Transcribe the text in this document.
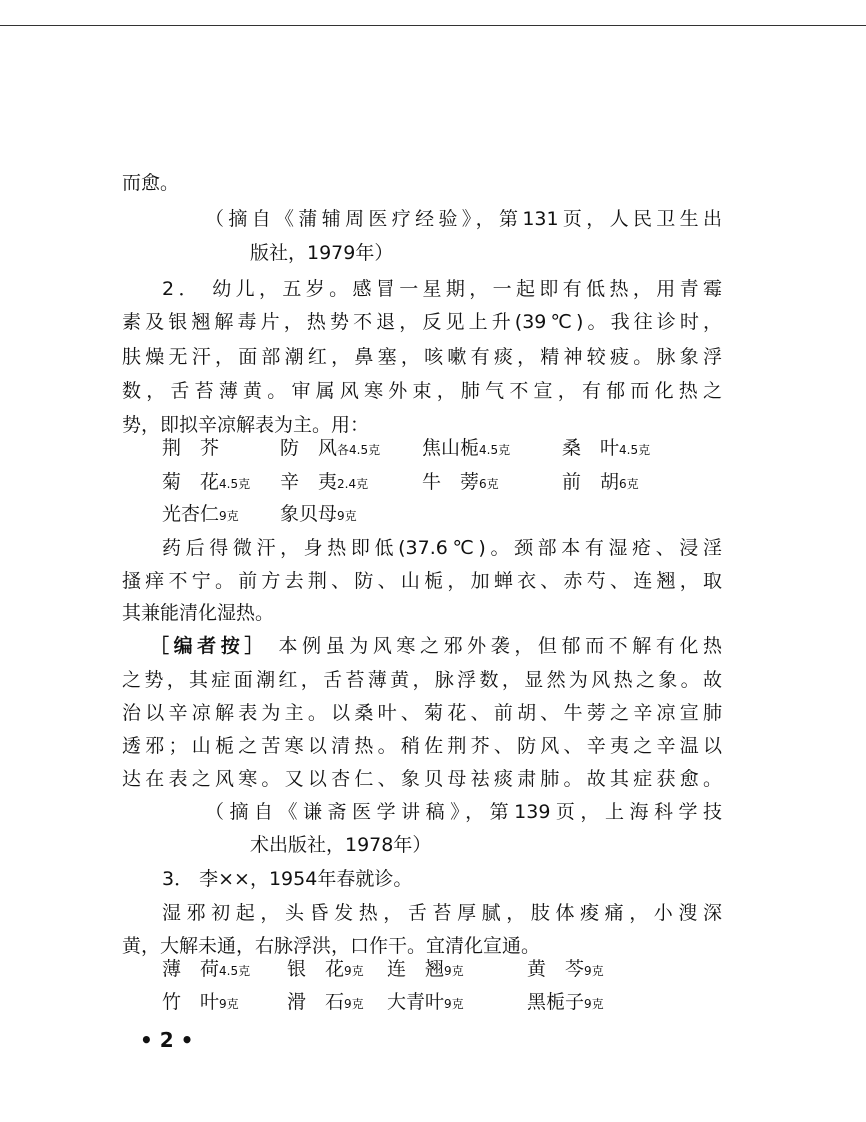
而愈。
（摘自《蒲辅周医疗经验》，第131页，人民卫生出
版社，1979年）
2． 幼儿，五岁。感冒一星期，一起即有低热，用青霉
素及银翘解毒片，热势不退，反见上升(39℃)。我往诊时，
肤燥无汗，面部潮红，鼻塞，咳嗽有痰，精神较疲。脉象浮
数，舌苔薄黄。审属风寒外束，肺气不宣，有郁而化热之
势，即拟辛凉解表为主。用：
荆　芥	防　风各4.5克	焦山栀4.5克	桑　叶4.5克
菊　花4.5克	辛　夷2.4克	牛　蒡6克	前　胡6克
光杏仁9克	象贝母9克
药后得微汗，身热即低(37.6℃)。颈部本有湿疮、浸淫
搔痒不宁。前方去荆、防、山栀，加蝉衣、赤芍、连翘，取
其兼能清化湿热。
［编者按］ 本例虽为风寒之邪外袭，但郁而不解有化热
之势，其症面潮红，舌苔薄黄，脉浮数，显然为风热之象。故
治以辛凉解表为主。以桑叶、菊花、前胡、牛蒡之辛凉宣肺
透邪；山栀之苦寒以清热。稍佐荆芥、防风、辛夷之辛温以
达在表之风寒。又以杏仁、象贝母祛痰肃肺。故其症获愈。
（摘自《谦斋医学讲稿》，第139页，上海科学技
术出版社，1978年）
3． 李××，1954年春就诊。
湿邪初起，头昏发热，舌苔厚腻，肢体痠痛，小溲深
黄，大解未通，右脉浮洪，口作干。宜清化宣通。
薄　荷4.5克	银　花9克	连　翘9克	黄　芩9克
竹　叶9克	滑　石9克	大青叶9克	黑栀子9克
• 2 •
